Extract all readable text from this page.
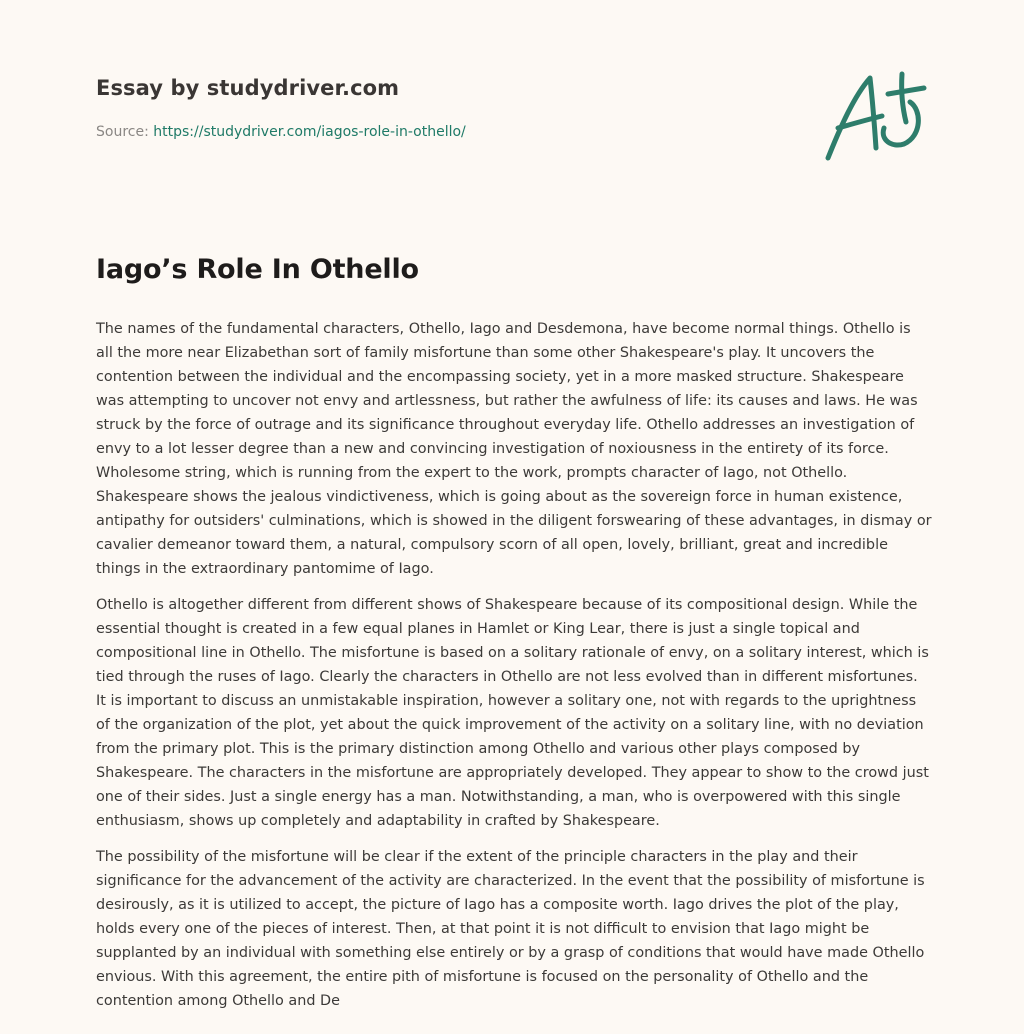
Essay by studydriver.com
Source: https://studydriver.com/iagos-role-in-othello/
Iago’s Role In Othello

The names of the fundamental characters, Othello, Iago and Desdemona, have become normal things. Othello is all the more near Elizabethan sort of family misfortune than some other Shakespeare's play. It uncovers the contention between the individual and the encompassing society, yet in a more masked structure. Shakespeare was attempting to uncover not envy and artlessness, but rather the awfulness of life: its causes and laws. He was struck by the force of outrage and its significance throughout everyday life. Othello addresses an investigation of envy to a lot lesser degree than a new and convincing investigation of noxiousness in the entirety of its force. Wholesome string, which is running from the expert to the work, prompts character of Iago, not Othello. Shakespeare shows the jealous vindictiveness, which is going about as the sovereign force in human existence, antipathy for outsiders' culminations, which is showed in the diligent forswearing of these advantages, in dismay or cavalier demeanor toward them, a natural, compulsory scorn of all open, lovely, brilliant, great and incredible things in the extraordinary pantomime of Iago.

Othello is altogether different from different shows of Shakespeare because of its compositional design. While the essential thought is created in a few equal planes in Hamlet or King Lear, there is just a single topical and compositional line in Othello. The misfortune is based on a solitary rationale of envy, on a solitary interest, which is tied through the ruses of Iago. Clearly the characters in Othello are not less evolved than in different misfortunes. It is important to discuss an unmistakable inspiration, however a solitary one, not with regards to the uprightness of the organization of the plot, yet about the quick improvement of the activity on a solitary line, with no deviation from the primary plot. This is the primary distinction among Othello and various other plays composed by Shakespeare. The characters in the misfortune are appropriately developed. They appear to show to the crowd just one of their sides. Just a single energy has a man. Notwithstanding, a man, who is overpowered with this single enthusiasm, shows up completely and adaptability in crafted by Shakespeare.

The possibility of the misfortune will be clear if the extent of the principle characters in the play and their significance for the advancement of the activity are characterized. In the event that the possibility of misfortune is desirously, as it is utilized to accept, the picture of Iago has a composite worth. Iago drives the plot of the play, holds every one of the pieces of interest. Then, at that point it is not difficult to envision that Iago might be supplanted by an individual with something else entirely or by a grasp of conditions that would have made Othello envious. With this agreement, the entire pith of misfortune is focused on the personality of Othello and the contention among Othello and De
